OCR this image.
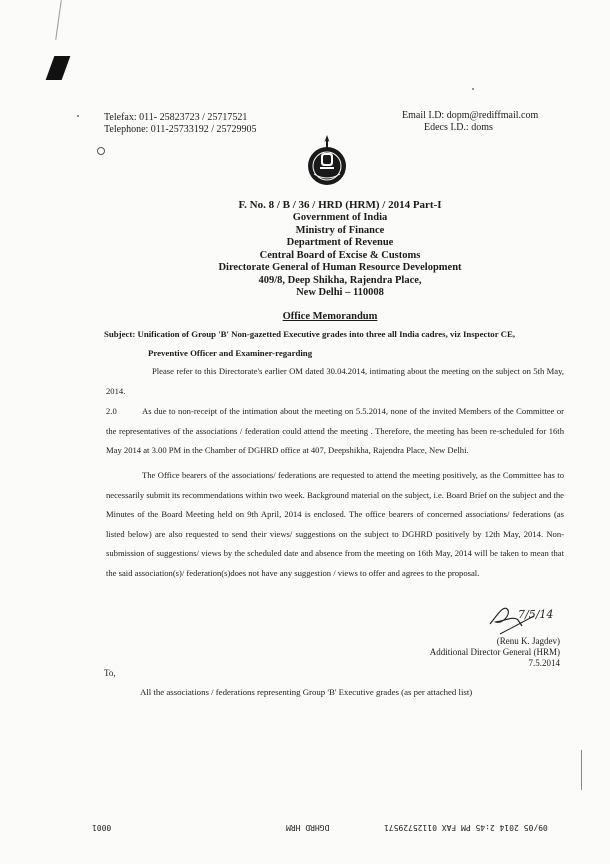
Telefax: 011- 25823723 / 25717521
Telephone: 011-25733192 / 25729905
Email I.D: dopm@rediffmail.com
Edecs I.D.: doms
F. No. 8 / B / 36 / HRD (HRM) / 2014 Part-I
Government of India
Ministry of Finance
Department of Revenue
Central Board of Excise & Customs
Directorate General of Human Resource Development
409/8, Deep Shikha, Rajendra Place,
New Delhi – 110008
Office Memorandum
Subject: Unification of Group 'B' Non-gazetted Executive grades into three all India cadres, viz Inspector CE,
Preventive Officer and Examiner-regarding

Please refer to this Directorate's earlier OM dated 30.04.2014, intimating about the meeting on the subject on 5th May, 2014.

2.0	As due to non-receipt of the intimation about the meeting on 5.5.2014, none of the invited Members of the Committee or the representatives of the associations / federation could attend the meeting . Therefore, the meeting has been re-scheduled for 16th May 2014 at 3.00 PM in the Chamber of DGHRD office at 407, Deepshikha, Rajendra Place, New Delhi.

The Office bearers of the associations/ federations are requested to attend the meeting positively, as the Committee has to necessarily submit its recommendations within two week. Background material on the subject, i.e. Board Brief on the subject and the Minutes of the Board Meeting held on 9th April, 2014 is enclosed. The office bearers of concerned associations/ federations (as listed below) are also requested to send their views/ suggestions on the subject to DGHRD positively by 12th May, 2014. Non-submission of suggestions/ views by the scheduled date and absence from the meeting on 16th May, 2014 will be taken to mean that the said association(s)/ federation(s)does not have any suggestion / views to offer and agrees to the proposal.

7/5/14
(Renu K. Jagdev)
Additional Director General (HRM)
7.5.2014
To,
All the associations / federations representing Group 'B' Executive grades (as per attached list)
09/05 2014 2:45 PM FAX 01125729571
DGHRD HRM
0001
